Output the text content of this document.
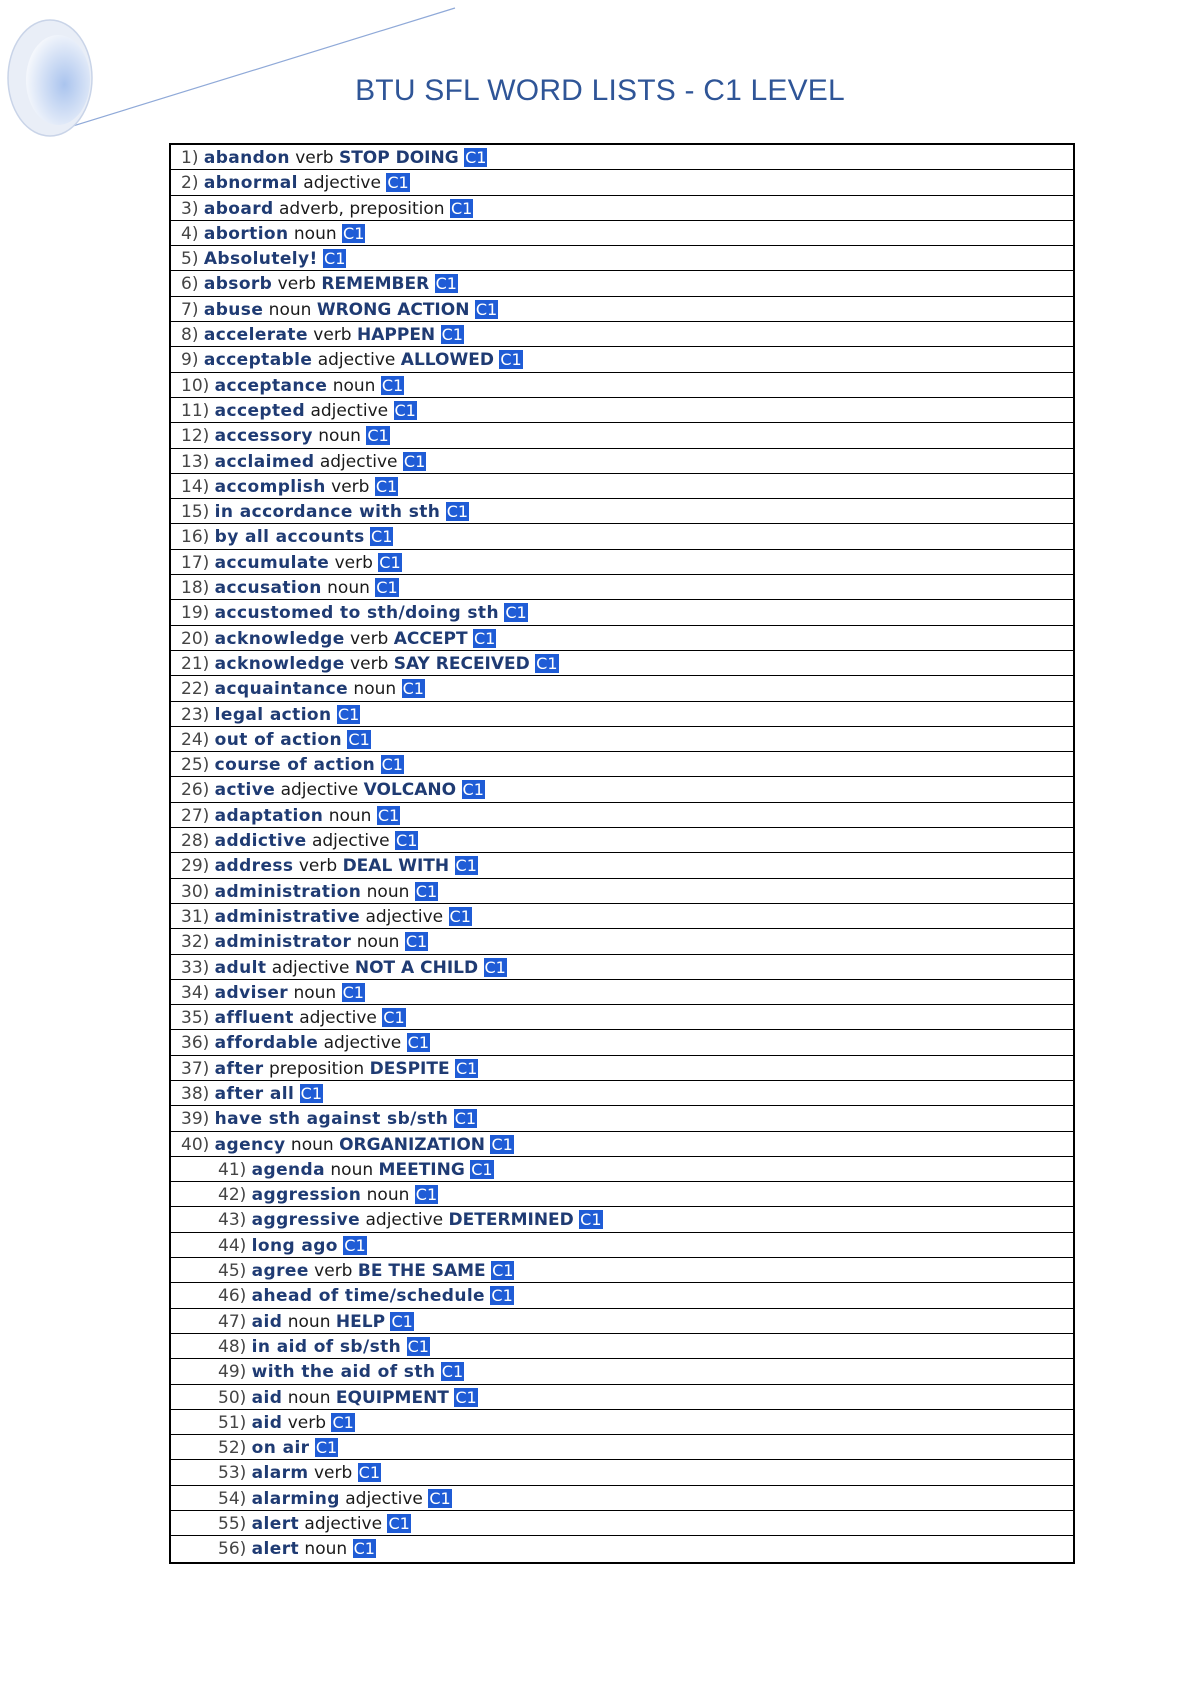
BTU SFL WORD LISTS - C1 LEVEL
1) abandon verb STOP DOING C1
2) abnormal adjective C1
3) aboard adverb, preposition C1
4) abortion noun C1
5) Absolutely! C1
6) absorb verb REMEMBER C1
7) abuse noun WRONG ACTION C1
8) accelerate verb HAPPEN C1
9) acceptable adjective ALLOWED C1
10) acceptance noun C1
11) accepted adjective C1
12) accessory noun C1
13) acclaimed adjective C1
14) accomplish verb C1
15) in accordance with sth C1
16) by all accounts C1
17) accumulate verb C1
18) accusation noun C1
19) accustomed to sth/doing sth C1
20) acknowledge verb ACCEPT C1
21) acknowledge verb SAY RECEIVED C1
22) acquaintance noun C1
23) legal action C1
24) out of action C1
25) course of action C1
26) active adjective VOLCANO C1
27) adaptation noun C1
28) addictive adjective C1
29) address verb DEAL WITH C1
30) administration noun C1
31) administrative adjective C1
32) administrator noun C1
33) adult adjective NOT A CHILD C1
34) adviser noun C1
35) affluent adjective C1
36) affordable adjective C1
37) after preposition DESPITE C1
38) after all C1
39) have sth against sb/sth C1
40) agency noun ORGANIZATION C1
41) agenda noun MEETING C1
42) aggression noun C1
43) aggressive adjective DETERMINED C1
44) long ago C1
45) agree verb BE THE SAME C1
46) ahead of time/schedule C1
47) aid noun HELP C1
48) in aid of sb/sth C1
49) with the aid of sth C1
50) aid noun EQUIPMENT C1
51) aid verb C1
52) on air C1
53) alarm verb C1
54) alarming adjective C1
55) alert adjective C1
56) alert noun C1
